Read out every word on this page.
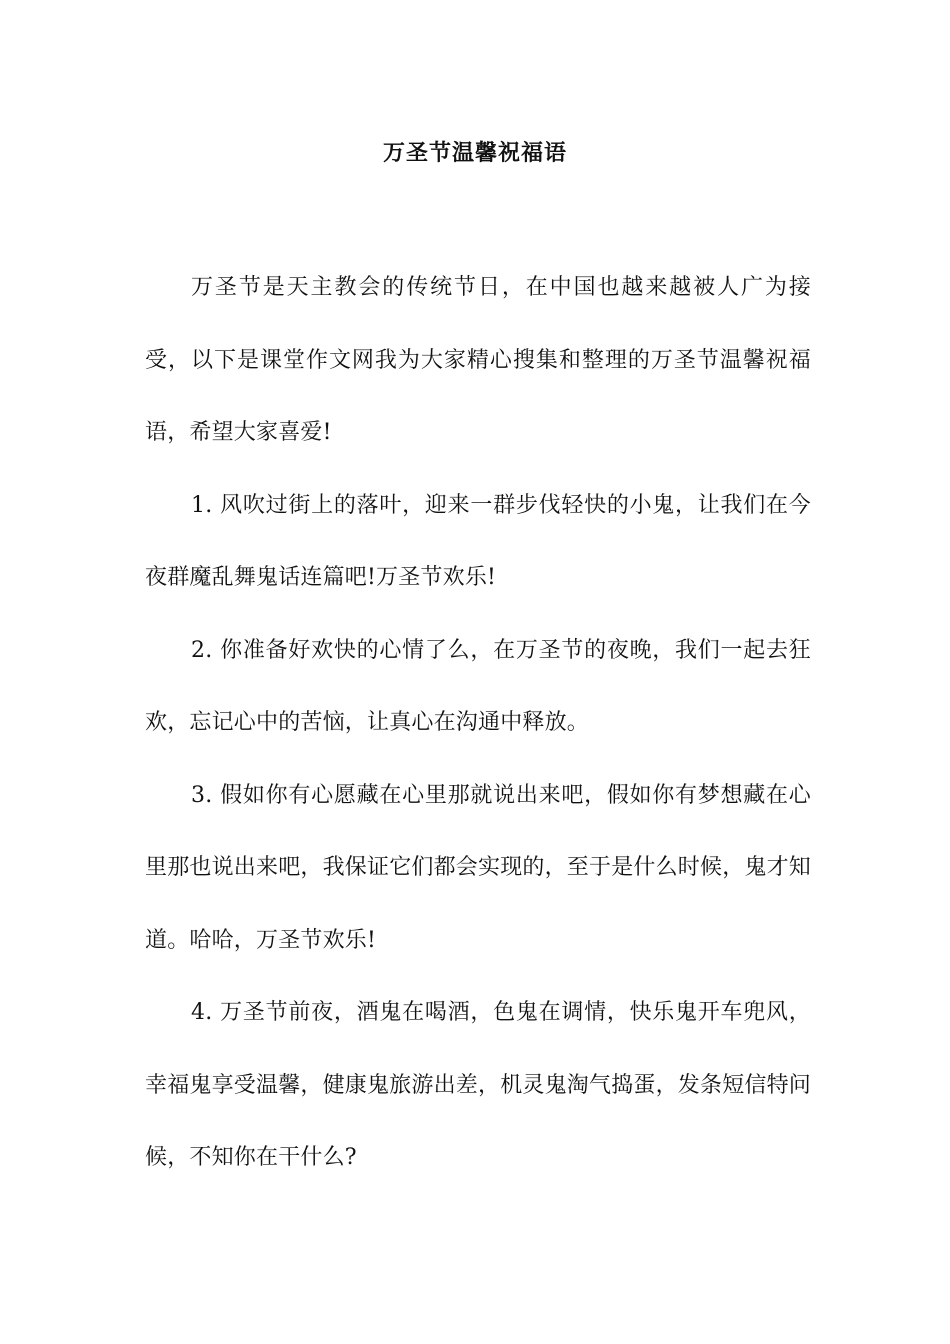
万圣节温馨祝福语

万圣节是天主教会的传统节日，在中国也越来越被人广为接受，以下是课堂作文网我为大家精心搜集和整理的万圣节温馨祝福语，希望大家喜爱!

1. 风吹过街上的落叶，迎来一群步伐轻快的小鬼，让我们在今夜群魔乱舞鬼话连篇吧!万圣节欢乐!

2. 你准备好欢快的心情了么，在万圣节的夜晚，我们一起去狂欢，忘记心中的苦恼，让真心在沟通中释放。

3. 假如你有心愿藏在心里那就说出来吧，假如你有梦想藏在心里那也说出来吧，我保证它们都会实现的，至于是什么时候，鬼才知道。哈哈，万圣节欢乐!

4. 万圣节前夜，酒鬼在喝酒，色鬼在调情，快乐鬼开车兜风，幸福鬼享受温馨，健康鬼旅游出差，机灵鬼淘气捣蛋，发条短信特问候，不知你在干什么?
